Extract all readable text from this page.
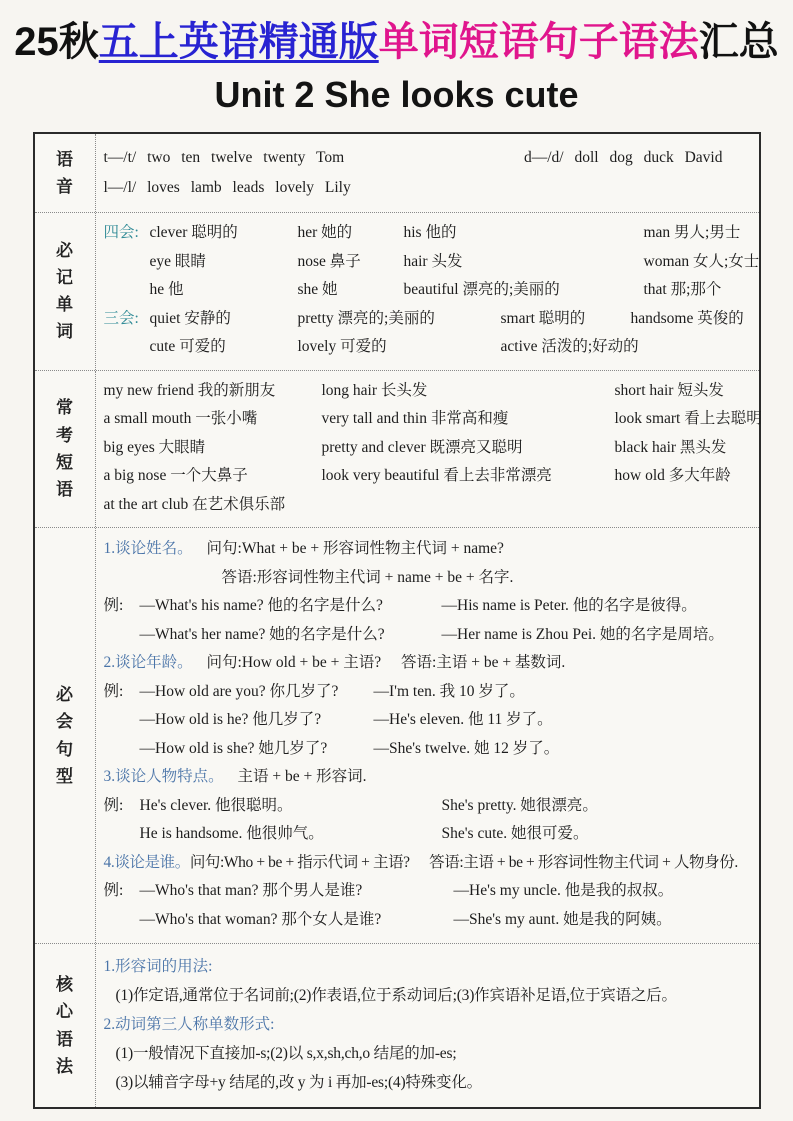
25秋五上英语精通版单词短语句子语法汇总
Unit 2 She looks cute
语音
t—/t/ two ten twelve twenty Tom	d—/d/ doll dog duck David
l—/l/ loves lamb leads lovely Lily
必记单词
四会: clever 聪明的	her 她的	his 他的	man 男人;男士
eye 眼睛	nose 鼻子	hair 头发	woman 女人;女士
he 他	she 她	beautiful 漂亮的;美丽的	that 那;那个
三会: quiet 安静的	pretty 漂亮的;美丽的	smart 聪明的	handsome 英俊的
cute 可爱的	lovely 可爱的	active 活泼的;好动的
常考短语
my new friend 我的新朋友	long hair 长头发	short hair 短头发
a small mouth 一张小嘴	very tall and thin 非常高和瘦	look smart 看上去聪明
big eyes 大眼睛	pretty and clever 既漂亮又聪明	black hair 黑头发
a big nose 一个大鼻子	look very beautiful 看上去非常漂亮	how old 多大年龄
at the art club 在艺术俱乐部
必会句型
1.谈论姓名。 问句:What + be + 形容词性物主代词 + name?
答语:形容词性物主代词 + name + be + 名字.
例:	—What's his name? 他的名字是什么?	—His name is Peter. 他的名字是彼得。
—What's her name? 她的名字是什么?	—Her name is Zhou Pei. 她的名字是周培。
2.谈论年龄。 问句:How old + be + 主语? 答语:主语 + be + 基数词.
例:	—How old are you? 你几岁了?	—I'm ten. 我 10 岁了。
—How old is he? 他几岁了?	—He's eleven. 他 11 岁了。
—How old is she? 她几岁了?	—She's twelve. 她 12 岁了。
3.谈论人物特点。 主语 + be + 形容词.
例:	He's clever. 他很聪明。	She's pretty. 她很漂亮。
He is handsome. 他很帅气。	She's cute. 她很可爱。
4.谈论是谁。问句:Who + be + 指示代词 + 主语? 答语:主语 + be + 形容词性物主代词 + 人物身份.
例:	—Who's that man? 那个男人是谁?	—He's my uncle. 他是我的叔叔。
—Who's that woman? 那个女人是谁?	—She's my aunt. 她是我的阿姨。
核心语法
1.形容词的用法:
(1)作定语,通常位于名词前;(2)作表语,位于系动词后;(3)作宾语补足语,位于宾语之后。
2.动词第三人称单数形式:
(1)一般情况下直接加-s;(2)以 s,x,sh,ch,o 结尾的加-es;
(3)以辅音字母+y 结尾的,改 y 为 i 再加-es;(4)特殊变化。
